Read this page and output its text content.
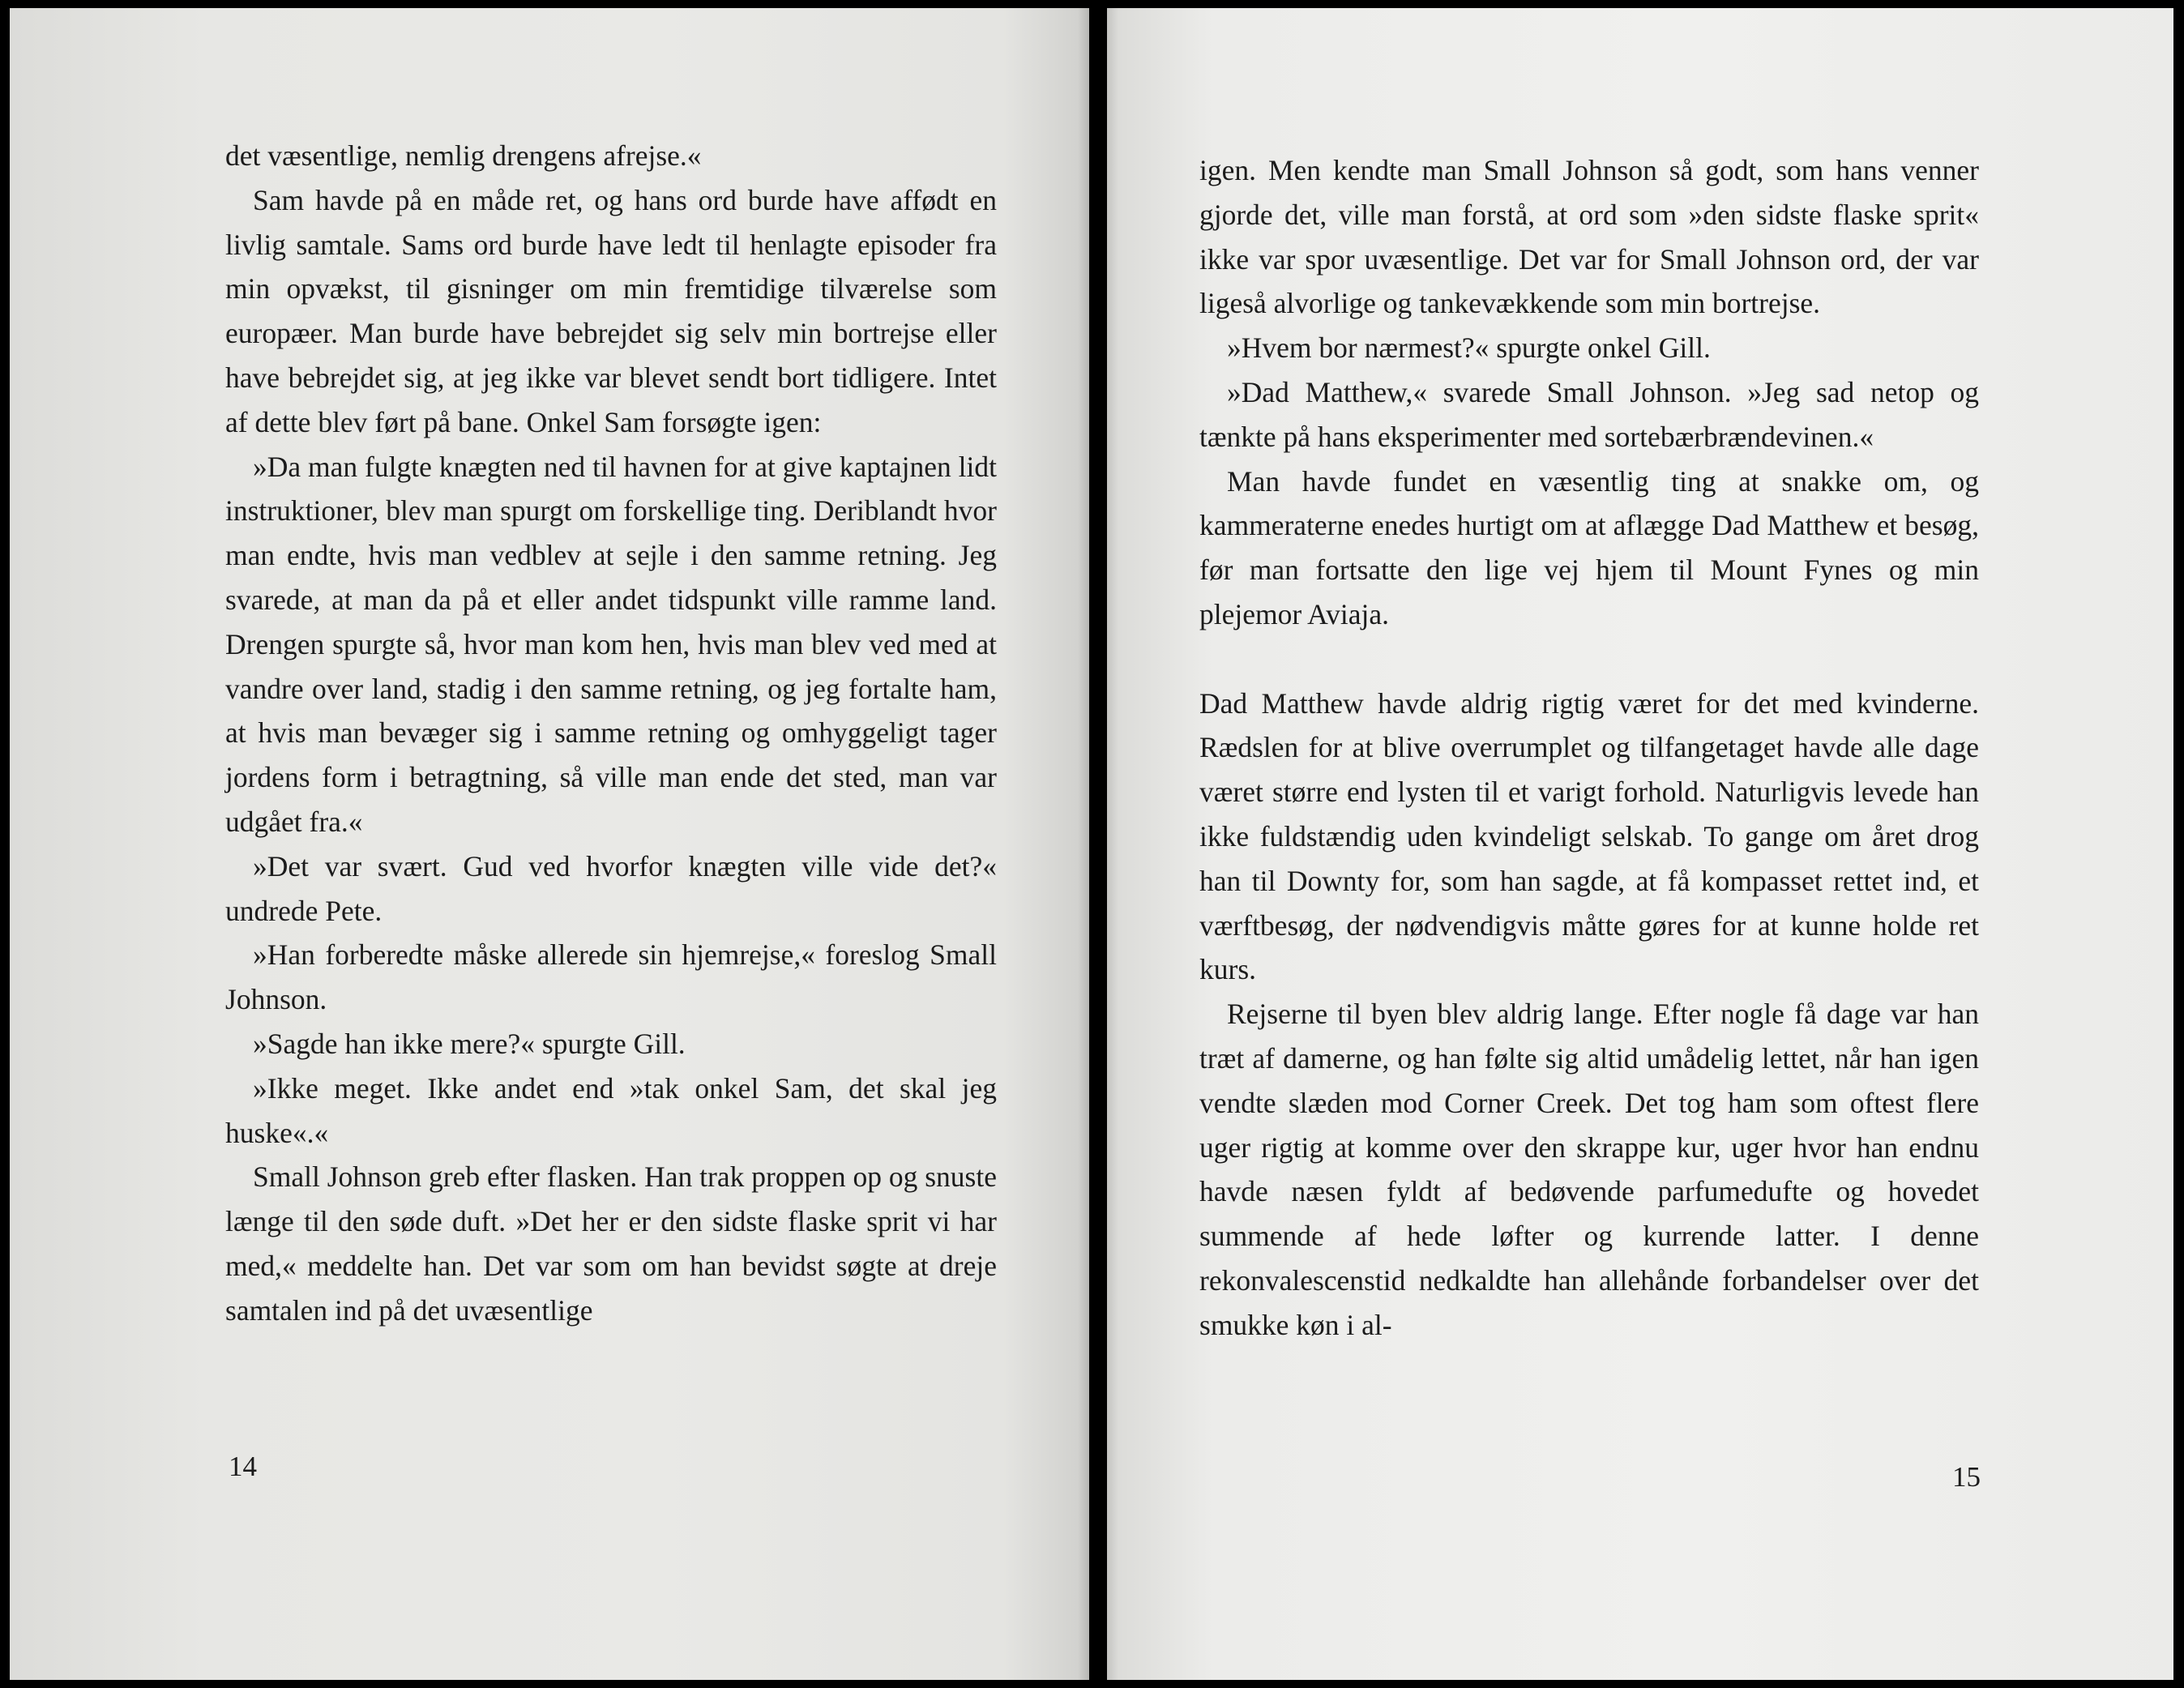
det væsentlige, nemlig drengens afrejse.«

Sam havde på en måde ret, og hans ord burde have affødt en livlig samtale. Sams ord burde have ledt til henlagte episoder fra min opvækst, til gisninger om min fremtidige tilværelse som europæer. Man burde have bebrejdet sig selv min bortrejse eller have bebrejdet sig, at jeg ikke var blevet sendt bort tidligere. Intet af dette blev ført på bane. Onkel Sam forsøgte igen:

»Da man fulgte knægten ned til havnen for at give kaptajnen lidt instruktioner, blev man spurgt om forskellige ting. Deriblandt hvor man endte, hvis man vedblev at sejle i den samme retning. Jeg svarede, at man da på et eller andet tidspunkt ville ramme land. Drengen spurgte så, hvor man kom hen, hvis man blev ved med at vandre over land, stadig i den samme retning, og jeg fortalte ham, at hvis man bevæger sig i samme retning og omhyggeligt tager jordens form i betragtning, så ville man ende det sted, man var udgået fra.«

»Det var svært. Gud ved hvorfor knægten ville vide det?« undrede Pete.

»Han forberedte måske allerede sin hjemrejse,« foreslog Small Johnson.

»Sagde han ikke mere?« spurgte Gill.

»Ikke meget. Ikke andet end »tak onkel Sam, det skal jeg huske«.«

Small Johnson greb efter flasken. Han trak proppen op og snuste længe til den søde duft. »Det her er den sidste flaske sprit vi har med,« meddelte han. Det var som om han bevidst søgte at dreje samtalen ind på det uvæsentlige

14

igen. Men kendte man Small Johnson så godt, som hans venner gjorde det, ville man forstå, at ord som »den sidste flaske sprit« ikke var spor uvæsentlige. Det var for Small Johnson ord, der var ligeså alvorlige og tankevækkende som min bortrejse.

»Hvem bor nærmest?« spurgte onkel Gill.

»Dad Matthew,« svarede Small Johnson. »Jeg sad netop og tænkte på hans eksperimenter med sortebærbrændevinen.«

Man havde fundet en væsentlig ting at snakke om, og kammeraterne enedes hurtigt om at aflægge Dad Matthew et besøg, før man fortsatte den lige vej hjem til Mount Fynes og min plejemor Aviaja.

Dad Matthew havde aldrig rigtig været for det med kvinderne. Rædslen for at blive overrumplet og tilfangetaget havde alle dage været større end lysten til et varigt forhold. Naturligvis levede han ikke fuldstændig uden kvindeligt selskab. To gange om året drog han til Downty for, som han sagde, at få kompasset rettet ind, et værftbesøg, der nødvendigvis måtte gøres for at kunne holde ret kurs.

Rejserne til byen blev aldrig lange. Efter nogle få dage var han træt af damerne, og han følte sig altid umådelig lettet, når han igen vendte slæden mod Corner Creek. Det tog ham som oftest flere uger rigtig at komme over den skrappe kur, uger hvor han endnu havde næsen fyldt af bedøvende parfumedufte og hovedet summende af hede løfter og kurrende latter. I denne rekonvalescenstid nedkaldte han allehånde forbandelser over det smukke køn i al-

15
